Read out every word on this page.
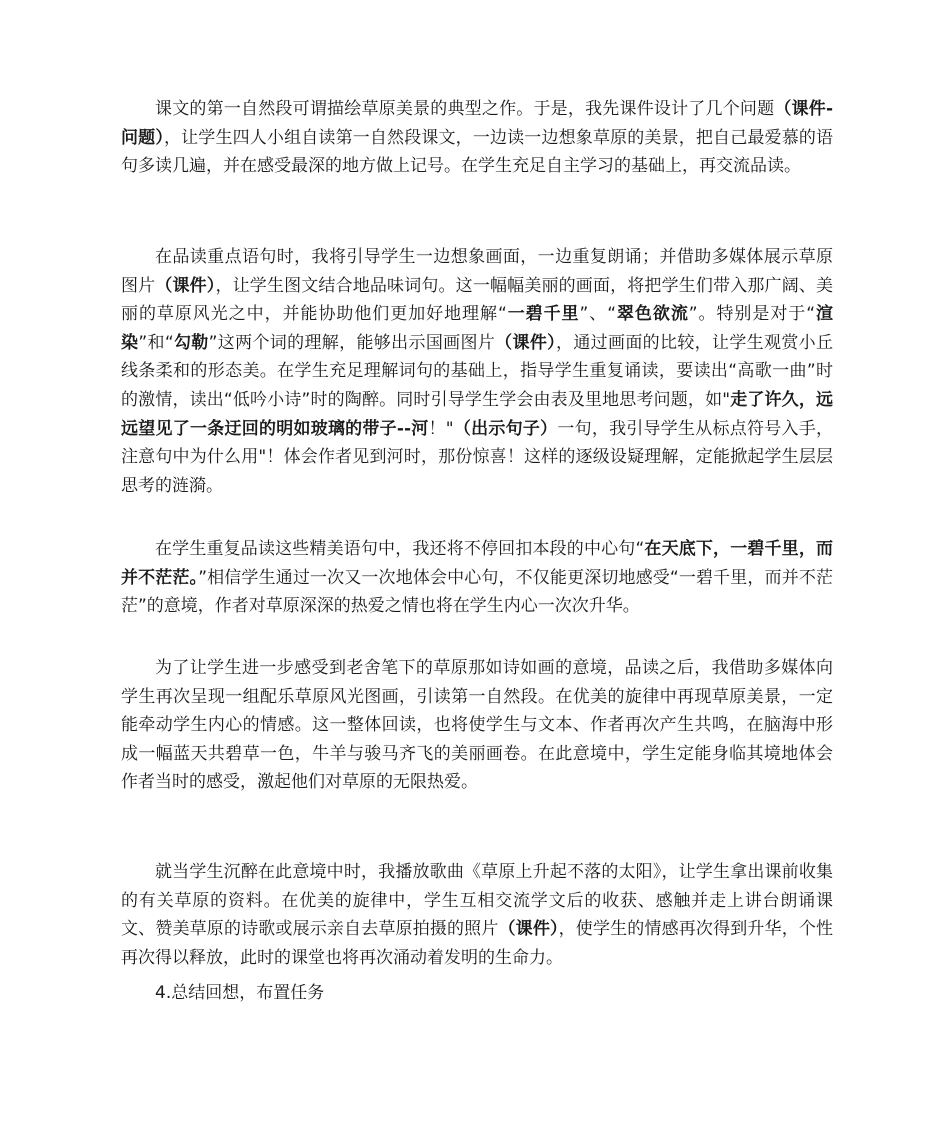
课文的第一自然段可谓描绘草原美景的典型之作。于是，我先课件设计了几个问题（课件-问题），让学生四人小组自读第一自然段课文，一边读一边想象草原的美景，把自己最爱慕的语句多读几遍，并在感受最深的地方做上记号。在学生充足自主学习的基础上，再交流品读。

在品读重点语句时，我将引导学生一边想象画面，一边重复朗诵；并借助多媒体展示草原图片（课件），让学生图文结合地品味词句。这一幅幅美丽的画面，将把学生们带入那广阔、美丽的草原风光之中，并能协助他们更加好地理解“一碧千里”、“翠色欲流”。特别是对于“渲染”和“勾勒”这两个词的理解，能够出示国画图片（课件），通过画面的比较，让学生观赏小丘线条柔和的形态美。在学生充足理解词句的基础上，指导学生重复诵读，要读出“高歌一曲”时的激情，读出“低吟小诗”时的陶醉。同时引导学生学会由表及里地思考问题，如"走了许久，远远望见了一条迂回的明如玻璃的带子--河！"（出示句子）一句，我引导学生从标点符号入手，注意句中为什么用"！体会作者见到河时，那份惊喜！这样的逐级设疑理解，定能掀起学生层层思考的涟漪。

在学生重复品读这些精美语句中，我还将不停回扣本段的中心句“在天底下，一碧千里，而并不茫茫。”相信学生通过一次又一次地体会中心句，不仅能更深切地感受“一碧千里，而并不茫茫”的意境，作者对草原深深的热爱之情也将在学生内心一次次升华。

为了让学生进一步感受到老舍笔下的草原那如诗如画的意境，品读之后，我借助多媒体向学生再次呈现一组配乐草原风光图画，引读第一自然段。在优美的旋律中再现草原美景，一定能牵动学生内心的情感。这一整体回读，也将使学生与文本、作者再次产生共鸣，在脑海中形成一幅蓝天共碧草一色，牛羊与骏马齐飞的美丽画卷。在此意境中，学生定能身临其境地体会作者当时的感受，激起他们对草原的无限热爱。

就当学生沉醉在此意境中时，我播放歌曲《草原上升起不落的太阳》，让学生拿出课前收集的有关草原的资料。在优美的旋律中，学生互相交流学文后的收获、感触并走上讲台朗诵课文、赞美草原的诗歌或展示亲自去草原拍摄的照片（课件），使学生的情感再次得到升华，个性再次得以释放，此时的课堂也将再次涌动着发明的生命力。

4.总结回想，布置任务
